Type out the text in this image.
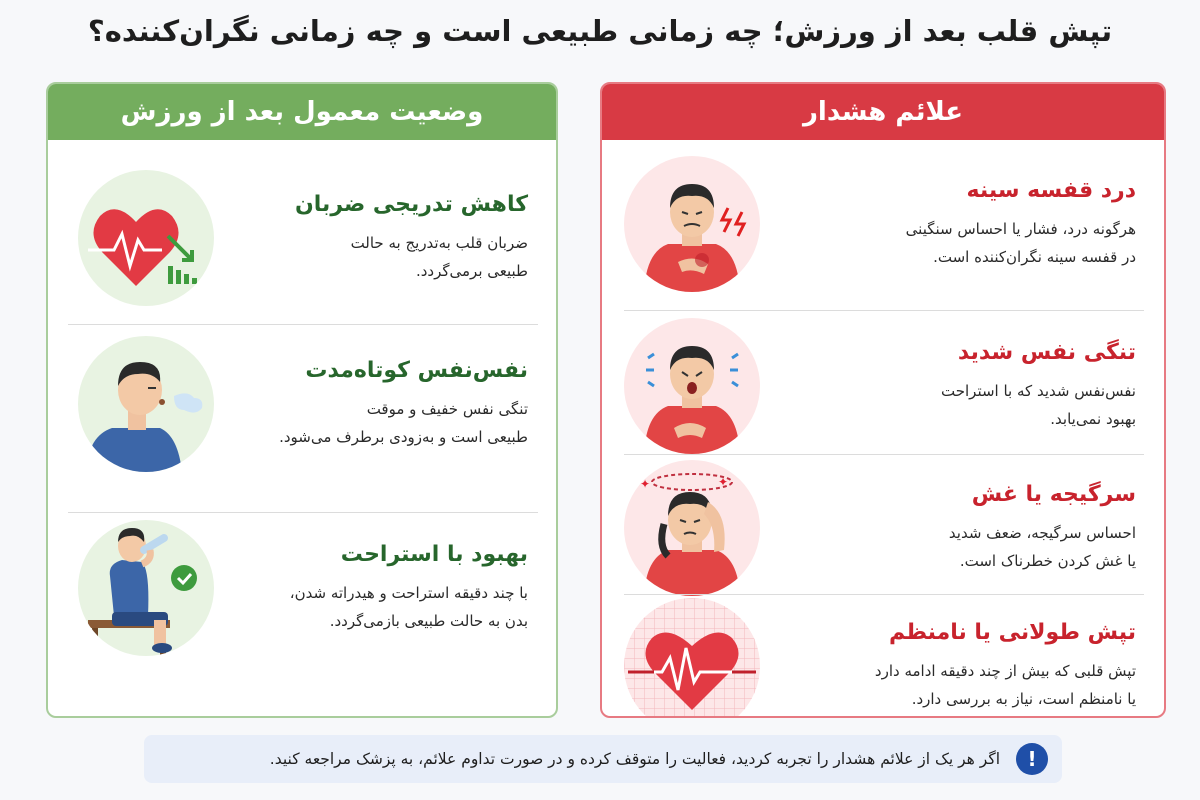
تپش قلب بعد از ورزش؛ چه زمانی طبیعی است و چه زمانی نگران‌کننده؟
علائم هشدار
درد قفسه سینه
هرگونه درد، فشار یا احساس سنگینی
در قفسه سینه نگران‌کننده است.
تنگی نفس شدید
نفس‌نفس شدید که با استراحت
بهبود نمی‌یابد.
سرگیجه یا غش
احساس سرگیجه، ضعف شدید
یا غش کردن خطرناک است.
✦	✦
تپش طولانی یا نامنظم
تپش قلبی که بیش از چند دقیقه ادامه دارد
یا نامنظم است، نیاز به بررسی دارد.
وضعیت معمول بعد از ورزش
کاهش تدریجی ضربان
ضربان قلب به‌تدریج به حالت
طبیعی برمی‌گردد.
نفس‌نفس کوتاه‌مدت
تنگی نفس خفیف و موقت
طبیعی است و به‌زودی برطرف می‌شود.
بهبود با استراحت
با چند دقیقه استراحت و هیدراته شدن،
بدن به حالت طبیعی بازمی‌گردد.
!
اگر هر یک از علائم هشدار را تجربه کردید، فعالیت را متوقف کرده و در صورت تداوم علائم، به پزشک مراجعه کنید.
